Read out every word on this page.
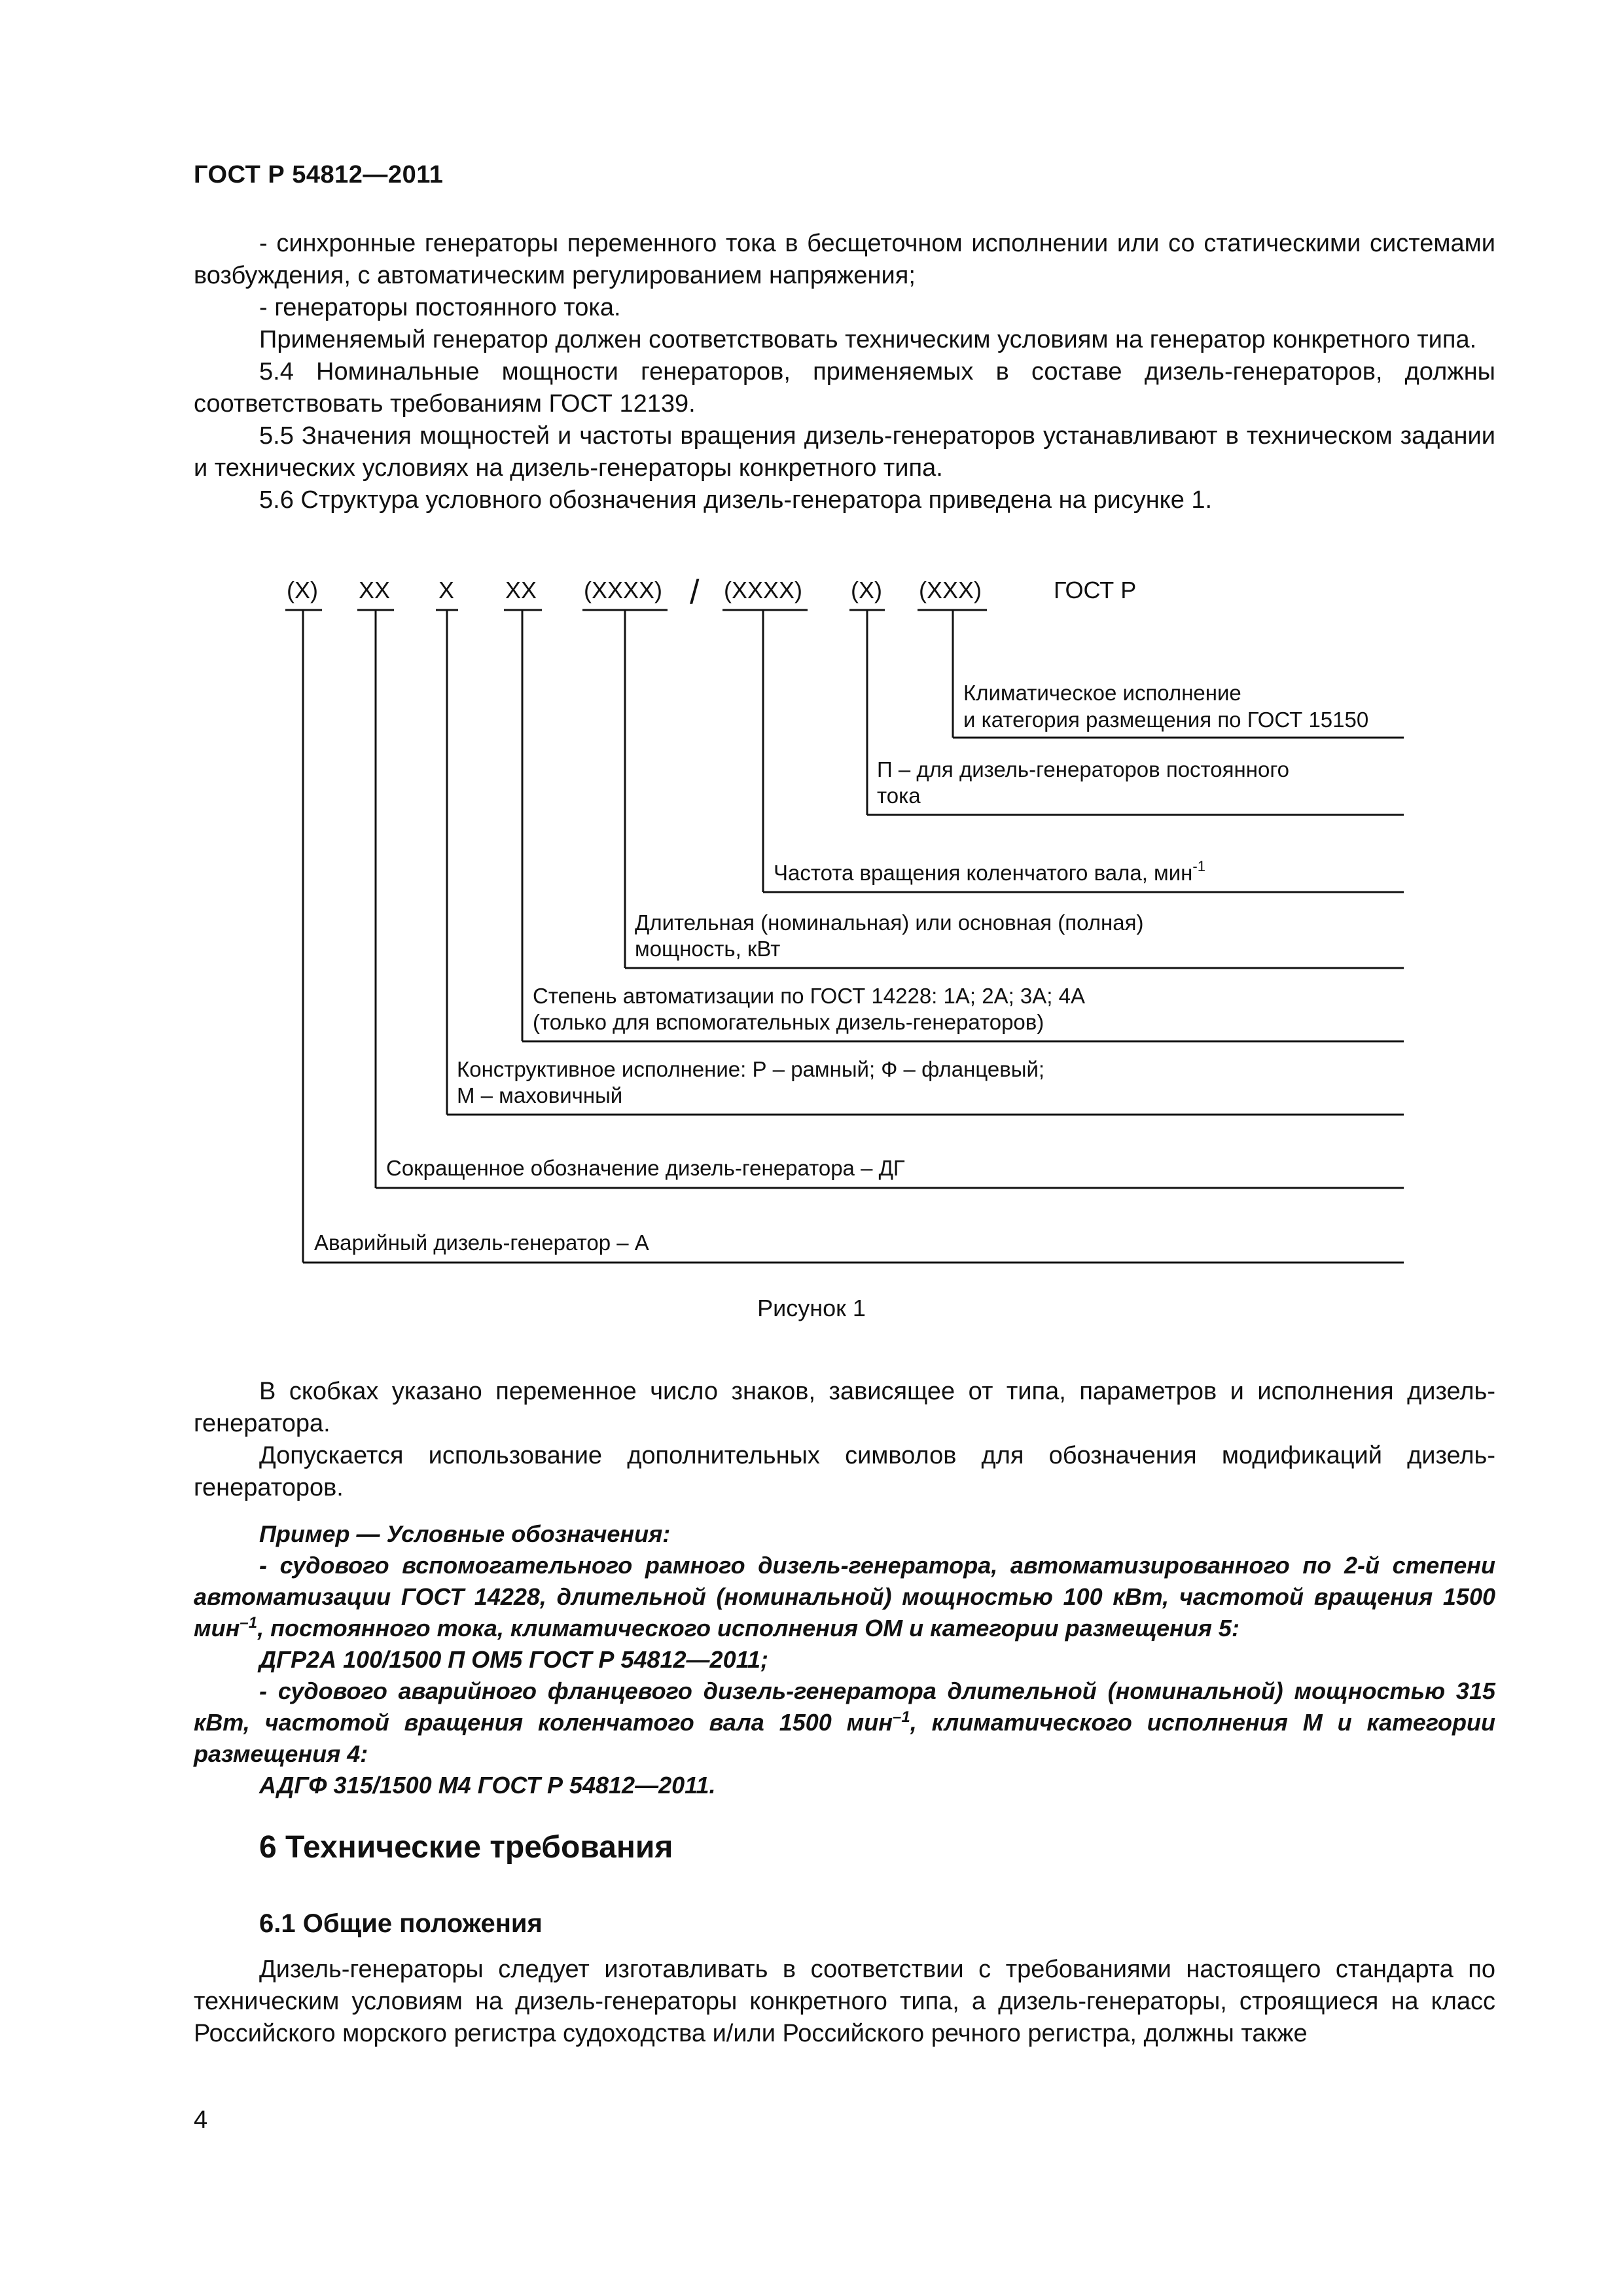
ГОСТ Р 54812—2011

- синхронные генераторы переменного тока в бесщеточном исполнении или со статическими системами возбуждения, с автоматическим регулированием напряжения;

- генераторы постоянного тока.

Применяемый генератор должен соответствовать техническим условиям на генератор конкретного типа.

5.4 Номинальные мощности генераторов, применяемых в составе дизель-генераторов, должны соответствовать требованиям ГОСТ 12139.

5.5 Значения мощностей и частоты вращения дизель-генераторов устанавливают в техническом задании и технических условиях на дизель-генераторы конкретного типа.

5.6 Структура условного обозначения дизель-генератора приведена на рисунке 1.

(Х) ХХ Х ХХ (ХХХХ) / (ХХХХ) (Х) (ХХХ)	ГОСТ Р
Климатическое исполнение
и категория размещения по ГОСТ 15150
П – для дизель-генераторов постоянного
тока
Частота вращения коленчатого вала, мин$^{-1}$
Длительная (номинальная) или основная (полная)
мощность, кВт
Степень автоматизации по ГОСТ 14228: 1А; 2А; 3А; 4А
(только для вспомогательных дизель-генераторов)
Конструктивное исполнение: Р – рамный; Ф – фланцевый;
М – маховичный
Сокращенное обозначение дизель-генератора – ДГ
Аварийный дизель-генератор – А
Рисунок 1

В скобках указано переменное число знаков, зависящее от типа, параметров и исполнения дизель-генератора.

Допускается использование дополнительных символов для обозначения модификаций дизель-генераторов.

Пример — Условные обозначения:

- судового вспомогательного рамного дизель-генератора, автоматизированного по 2-й степени автоматизации ГОСТ 14228, длительной (номинальной) мощностью 100 кВт, частотой вращения 1500 мин$^{-1}$, постоянного тока, климатического исполнения ОМ и категории размещения 5:

ДГР2А 100/1500 П ОМ5 ГОСТ Р 54812—2011;

- судового аварийного фланцевого дизель-генератора длительной (номинальной) мощностью 315 кВт, частотой вращения коленчатого вала 1500 мин$^{-1}$, климатического исполнения М и категории размещения 4:

АДГФ 315/1500 М4 ГОСТ Р 54812—2011.

6 Технические требования
6.1 Общие положения

Дизель-генераторы следует изготавливать в соответствии с требованиями настоящего стандарта по техническим условиям на дизель-генераторы конкретного типа, а дизель-генераторы, строящиеся на класс Российского морского регистра судоходства и/или Российского речного регистра, должны также

4
